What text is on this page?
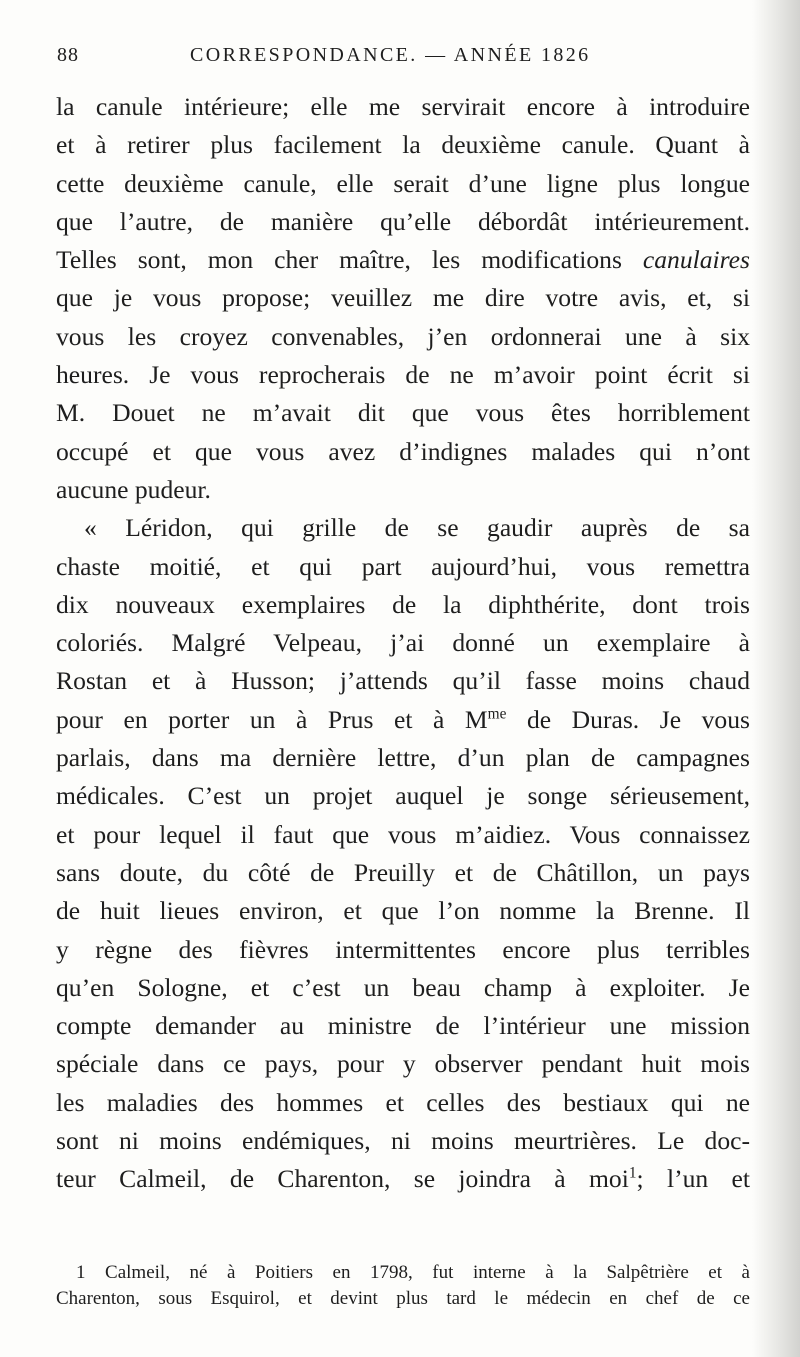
88	CORRESPONDANCE. — ANNÉE 1826
la canule intérieure; elle me servirait encore à introduire
et à retirer plus facilement la deuxième canule. Quant à
cette deuxième canule, elle serait d’une ligne plus longue
que l’autre, de manière qu’elle débordât intérieurement.
Telles sont, mon cher maître, les modifications canulaires
que je vous propose; veuillez me dire votre avis, et, si
vous les croyez convenables, j’en ordonnerai une à six
heures. Je vous reprocherais de ne m’avoir point écrit si
M. Douet ne m’avait dit que vous êtes horriblement
occupé et que vous avez d’indignes malades qui n’ont
aucune pudeur.
« Léridon, qui grille de se gaudir auprès de sa
chaste moitié, et qui part aujourd’hui, vous remettra
dix nouveaux exemplaires de la diphthérite, dont trois
coloriés. Malgré Velpeau, j’ai donné un exemplaire à
Rostan et à Husson; j’attends qu’il fasse moins chaud
pour en porter un à Prus et à $M^{me}$ de Duras. Je vous
parlais, dans ma dernière lettre, d’un plan de campagnes
médicales. C’est un projet auquel je songe sérieusement,
et pour lequel il faut que vous m’aidiez. Vous connaissez
sans doute, du côté de Preuilly et de Châtillon, un pays
de huit lieues environ, et que l’on nomme la Brenne. Il
y règne des fièvres intermittentes encore plus terribles
qu’en Sologne, et c’est un beau champ à exploiter. Je
compte demander au ministre de l’intérieur une mission
spéciale dans ce pays, pour y observer pendant huit mois
les maladies des hommes et celles des bestiaux qui ne
sont ni moins endémiques, ni moins meurtrières. Le doc-
teur Calmeil, de Charenton, se joindra à moi$^1$; l’un et
1 Calmeil, né à Poitiers en 1798, fut interne à la Salpêtrière et à
Charenton, sous Esquirol, et devint plus tard le médecin en chef de ce
